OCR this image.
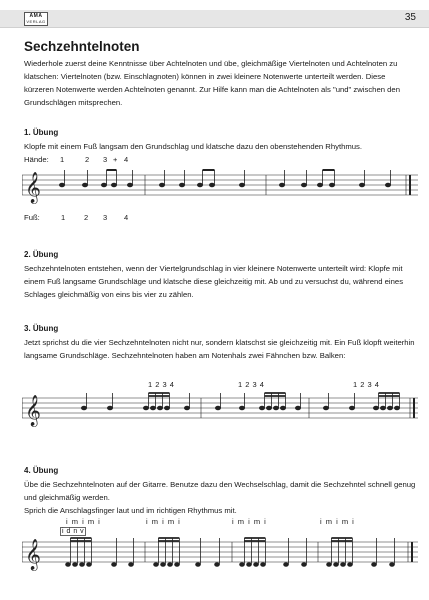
AMA
VERLAG	35
Sechzehntelnoten

Wiederhole zuerst deine Kenntnisse über Achtelnoten und übe, gleichmäßige Viertelnoten und Achtelnoten zu klatschen: Viertelnoten (bzw. Einschlagnoten) können in zwei kleinere Notenwerte unterteilt werden. Diese kürzeren Notenwerte werden Achtelnoten genannt. Zur Hilfe kann man die Achtelnoten als "und" zwischen den Grundschlägen mitsprechen.

1. Übung

Klopfe mit einem Fuß langsam den Grundschlag und klatsche dazu den obenstehenden Rhythmus.

Hände: 1	2 3 + 4
𝄞
Fuß:	1	2 3 4
2. Übung

Sechzehntelnoten entstehen, wenn der Viertelgrundschlag in vier kleinere Notenwerte unterteilt wird: Klopfe mit einem Fuß langsame Grundschläge und klatsche diese gleichzeitig mit. Ab und zu versuchst du, während eines Schlages gleichmäßig von eins bis vier zu zählen.

3. Übung

Jetzt sprichst du die vier Sechzehntelnoten nicht nur, sondern klatschst sie gleichzeitig mit. Ein Fuß klopft weiterhin langsame Grundschläge. Sechzehntelnoten haben am Notenhals zwei Fähnchen bzw. Balken:

1 2 3 4	1 2 3 4	1 2 3 4
𝄞
4. Übung

Übe die Sechzehntelnoten auf der Gitarre. Benutze dazu den Wechselschlag, damit die Sechzehntel schnell genug und gleichmäßig werden.

Sprich die Anschlagsfinger laut und im richtigen Rhythmus mit.

i m i m i	i m i m i	i m i m i	i m i m i
i d n v
𝄞
